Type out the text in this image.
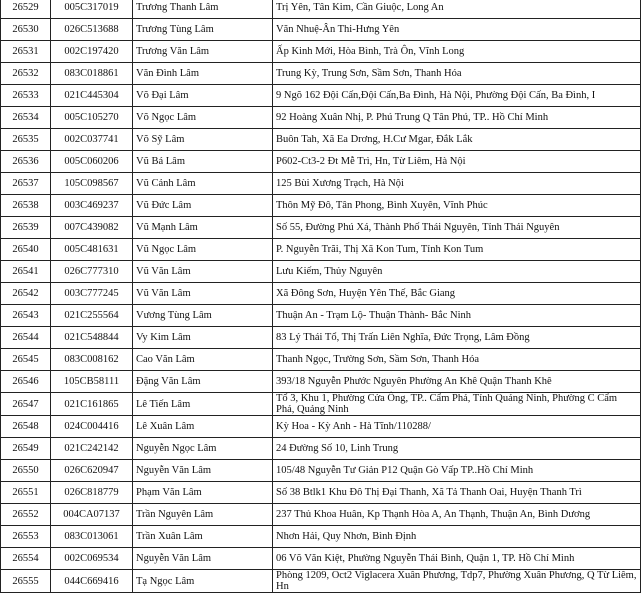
26529	005C317019	Trương Thanh Lâm	Trị Yên, Tân Kim, Cần Giuộc, Long An
26530	026C513688	Trương Tùng Lâm	Văn Nhuệ-Ân Thi-Hưng Yên
26531	002C197420	Trương Văn Lâm	Ấp Kinh Mới, Hòa Bình, Trà Ôn, Vĩnh Long
26532	083C018861	Văn Đình Lâm	Trung Kỳ, Trung Sơn, Sầm Sơn, Thanh Hóa
26533	021C445304	Võ Đại Lâm	9 Ngõ 162 Đội Cấn,Đội Cấn,Ba Đình, Hà Nội, Phường Đội Cấn, Ba Đình, I
26534	005C105270	Võ Ngọc Lâm	92 Hoàng Xuân Nhị, P. Phú Trung Q Tân Phú, TP.. Hồ Chí Minh
26535	002C037741	Võ Sỹ Lâm	Buôn Tah, Xã Ea Drơng, H.Cư Mgar, Đắk Lắk
26536	005C060206	Vũ Bá Lâm	P602-Ct3-2 Đt Mễ Trì, Hn, Từ Liêm, Hà Nội
26537	105C098567	Vũ Cảnh Lâm	125 Bùi Xương Trạch, Hà Nội
26538	003C469237	Vũ Đức Lâm	Thôn Mỹ Đô, Tân Phong, Bình Xuyên, Vĩnh Phúc
26539	007C439082	Vũ Mạnh Lâm	Số 55, Đường Phú Xá, Thành Phố Thái Nguyên, Tỉnh Thái Nguyên
26540	005C481631	Vũ Ngọc Lâm	P. Nguyễn Trãi, Thị Xã Kon Tum, Tỉnh Kon Tum
26541	026C777310	Vũ Văn Lâm	Lưu Kiếm, Thủy Nguyên
26542	003C777245	Vũ Văn Lâm	Xã Đông Sơn, Huyện Yên Thế, Bắc Giang
26543	021C255564	Vương Tùng Lâm	Thuận An - Trạm Lộ- Thuận Thành- Bắc Ninh
26544	021C548844	Vy Kim Lâm	83 Lý Thái Tổ, Thị Trấn Liên Nghĩa, Đức Trọng, Lâm Đồng
26545	083C008162	Cao Văn Lâm	Thanh Ngọc, Trường Sơn, Sầm Sơn, Thanh Hóa
26546	105CB58111	Đặng Văn Lâm	393/18 Nguyễn Phước Nguyên Phường An Khê Quận Thanh Khê
26547	021C161865	Lê Tiến Lâm	Tổ 3, Khu 1, Phường Cửa Ông, TP.. Cẩm Phả, Tỉnh Quảng Ninh, Phường C Cẩm Phả, Quảng Ninh
26548	024C004416	Lê Xuân Lâm	Kỳ Hoa - Kỳ Anh - Hà Tĩnh/110288/
26549	021C242142	Nguyễn Ngọc Lâm	24 Đường Số 10, Linh Trung
26550	026C620947	Nguyễn Văn Lâm	105/48 Nguyễn Tư Giản P12 Quận Gò Vấp TP..Hồ Chí Minh
26551	026C818779	Phạm Văn Lâm	Số 38 Btlk1 Khu Đô Thị Đại Thanh, Xã Tả Thanh Oai, Huyện Thanh Trì
26552	004CA07137	Trần Nguyên Lâm	237 Thủ Khoa Huân, Kp Thạnh Hòa A, An Thạnh, Thuận An, Bình Dương
26553	083C013061	Trần Xuân Lâm	Nhơn Hải, Quy Nhơn, Bình Định
26554	002C069534	Nguyễn Văn Lâm	06 Võ Văn Kiệt, Phường Nguyễn Thái Bình, Quận 1, TP. Hồ Chí Minh
26555	044C669416	Tạ Ngọc Lâm	Phòng 1209, Oct2 Viglacera Xuân Phương, Tdp7, Phường Xuân Phương, Q Từ Liêm, Hn
